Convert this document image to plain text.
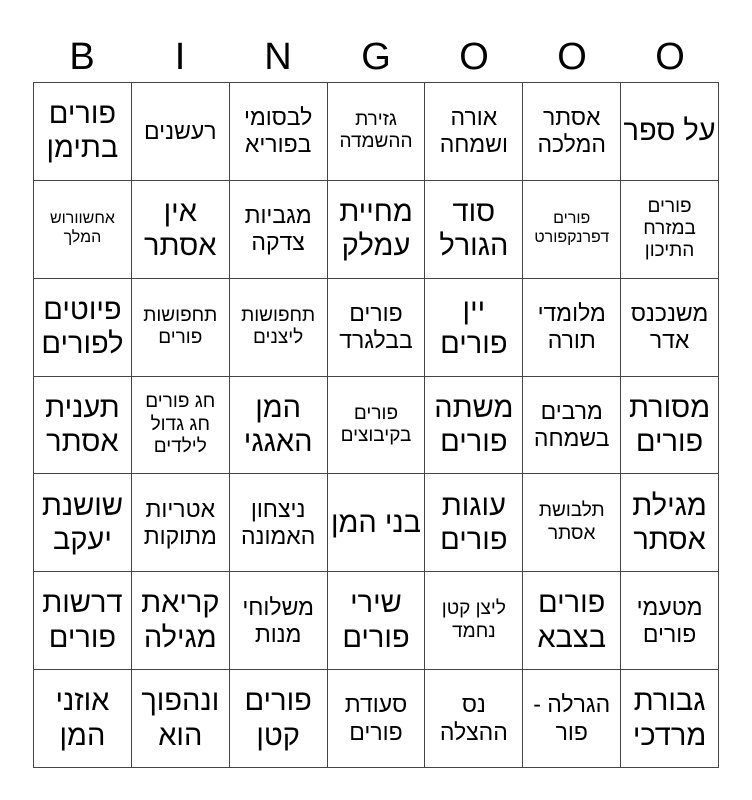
B	I	N	G	O	O	O
על ספר
אסתר המלכה
אורה ושמחה
גזירת ההשמדה
לבסומי בפוריא
רעשנים
פורים בתימן
פורים במזרח התיכון
פורים דפרנקפורט
סוד הגורל
מחיית עמלק
מגביות צדקה
אין אסתר
אחשוורוש המלך
משנכנס אדר
מלומדי תורה
יין פורים
פורים בבלגרד
תחפושות ליצנים
תחפושות פורים
פיוטים לפורים
מסורת פורים
מרבים בשמחה
משתה פורים
פורים בקיבוצים
המן האגגי
חג פורים חג גדול לילדים
תענית אסתר
מגילת אסתר
תלבושת אסתר
עוגות פורים
בני המן
ניצחון האמונה
אטריות מתוקות
שושנת יעקב
מטעמי פורים
פורים בצבא
ליצן קטן נחמד
שירי פורים
משלוחי מנות
קריאת מגילה
דרשות פורים
גבורת מרדכי
הגרלה - פור
נס ההצלה
סעודת פורים
פורים קטן
ונהפוך הוא
אוזני המן
